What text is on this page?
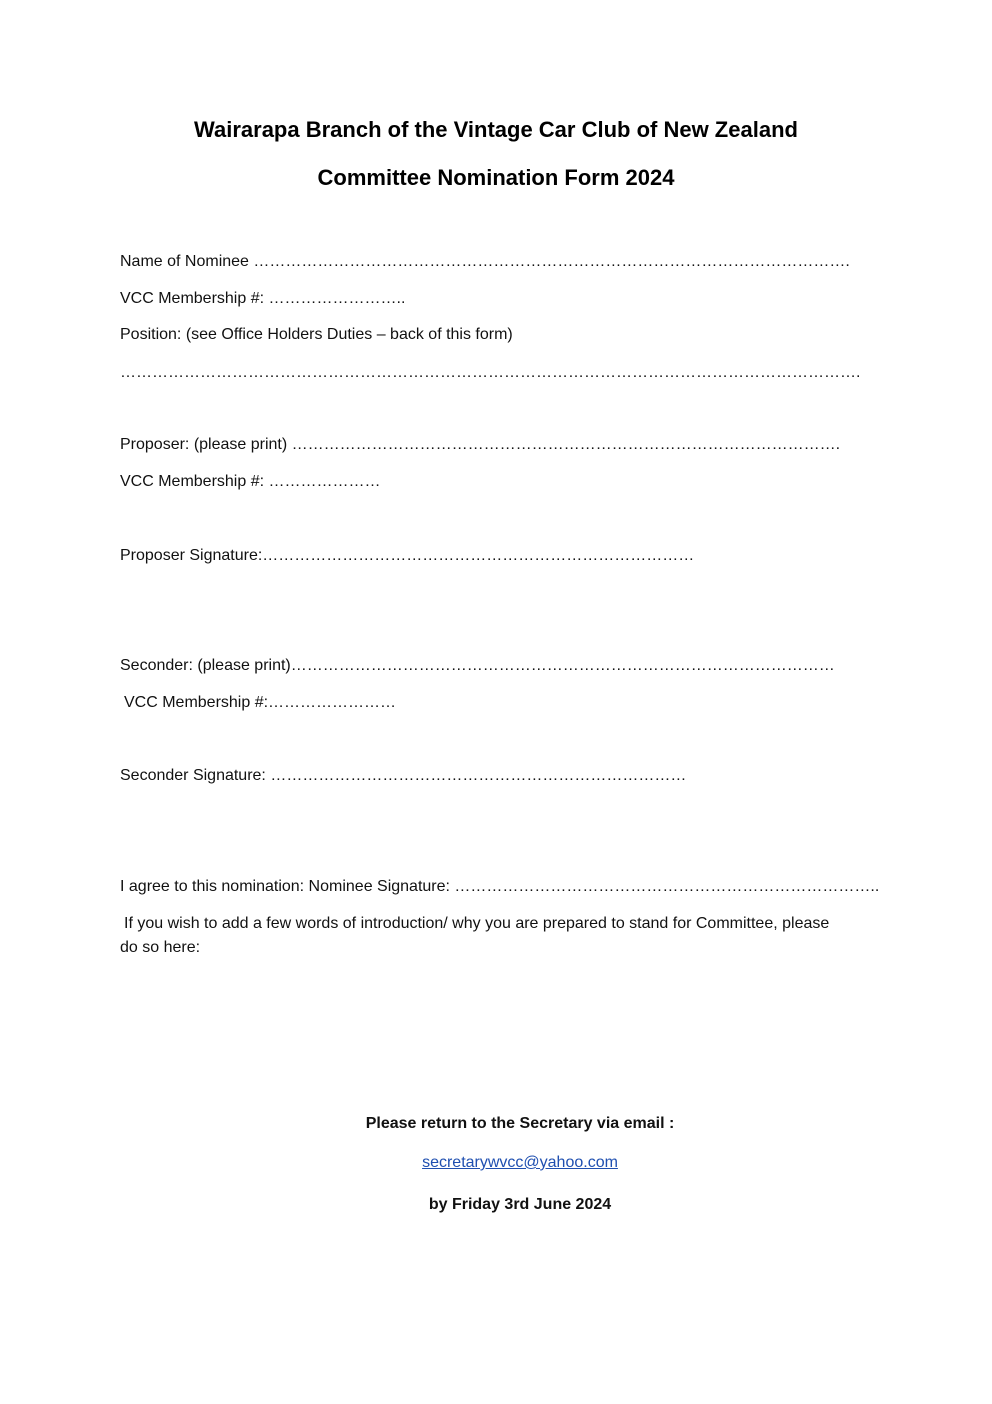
Wairarapa Branch of the Vintage Car Club of New Zealand
Committee Nomination Form 2024
Name of Nominee ………………………………………………………………………………………………….
VCC Membership #: ……………………..
Position: (see Office Holders Duties – back of this form)
………………………………………………………………………………………………………………………….
Proposer: (please print) ………………………………………………………………………………………….
VCC Membership #: …………………
Proposer Signature:………………………………………………………………………
Seconder: (please print)…………………………………………………………………………………………
VCC Membership #:……………………
Seconder Signature: ……………………………………………………………………
I agree to this nomination: Nominee Signature: ……………………………………………………………………..
If you wish to add a few words of introduction/ why you are prepared to stand for Committee, please do so here:
Please return to the Secretary via email :
secretarywvcc@yahoo.com
by Friday 3rd June 2024
